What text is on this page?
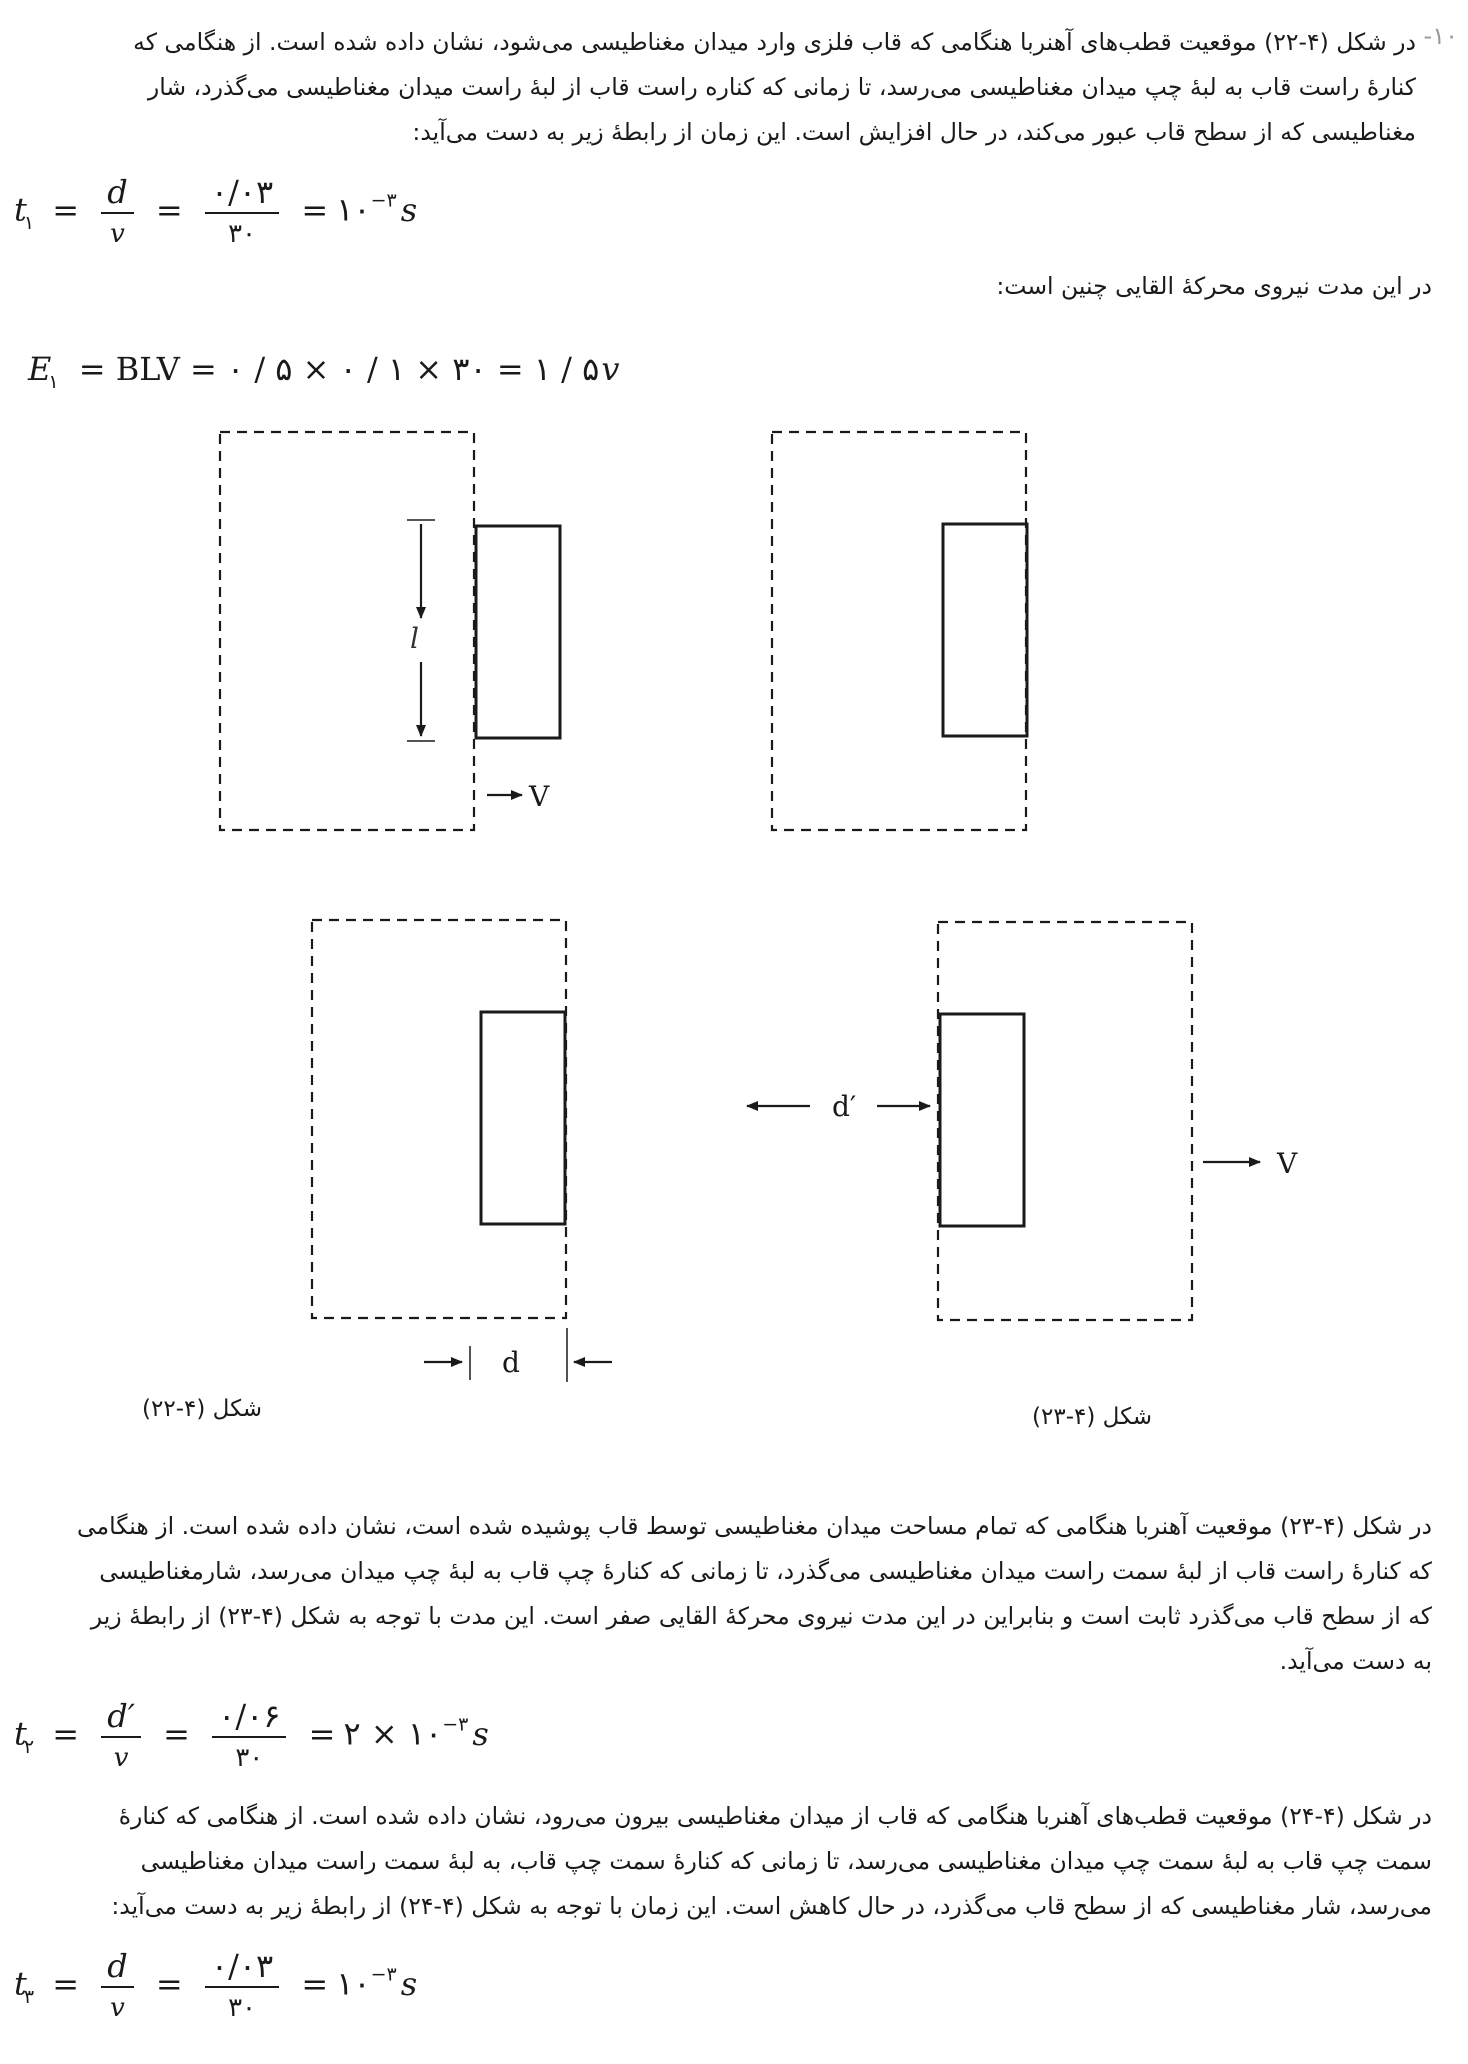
۱۰-
در شکل (۴-۲۲) موقعیت قطب‌های آهنربا هنگامی که قاب فلزی وارد میدان مغناطیسی می‌شود، نشان داده شده است. از هنگامی که
کنارهٔ راست قاب به لبهٔ چپ میدان مغناطیسی می‌رسد، تا زمانی که کناره راست قاب از لبهٔ راست میدان مغناطیسی می‌گذرد، شار
مغناطیسی که از سطح قاب عبور می‌کند، در حال افزایش است. این زمان از رابطهٔ زیر به دست می‌آید:
$t_۱ = \frac{d}{v} = \frac{۰/۰۳}{۳۰}$ = $۱۰^{-۳}$ s
در این مدت نیروی محرکهٔ القایی چنین است:
$E_۱$ = BLV = ۰ / ۵ × ۰ / ۱ × ۳۰ = ۱ / ۵v
l
V
d
d′
V
شکل (۴-۲۲)	شکل (۴-۲۳)
در شکل (۴-۲۳) موقعیت آهنربا هنگامی که تمام مساحت میدان مغناطیسی توسط قاب پوشیده شده است، نشان داده شده است. از هنگامی
که کنارهٔ راست قاب از لبهٔ سمت راست میدان مغناطیسی می‌گذرد، تا زمانی که کنارهٔ چپ قاب به لبهٔ چپ میدان می‌رسد، شارمغناطیسی
که از سطح قاب می‌گذرد ثابت است و بنابراین در این مدت نیروی محرکهٔ القایی صفر است. این مدت با توجه به شکل (۴-۲۳) از رابطهٔ زیر
به دست می‌آید.
$t_۲ = \frac{d'}{v} = \frac{۰/۰۶}{۳۰}$ = ۲ × $۱۰^{-۳}$ s
در شکل (۴-۲۴) موقعیت قطب‌های آهنربا هنگامی که قاب از میدان مغناطیسی بیرون می‌رود، نشان داده شده است. از هنگامی که کنارهٔ
سمت چپ قاب به لبهٔ سمت چپ میدان مغناطیسی می‌رسد، تا زمانی که کنارهٔ سمت چپ قاب، به لبهٔ سمت راست میدان مغناطیسی
می‌رسد، شار مغناطیسی که از سطح قاب می‌گذرد، در حال کاهش است. این زمان با توجه به شکل (۴-۲۴) از رابطهٔ زیر به دست می‌آید:
$t_۳ = \frac{d}{v} = \frac{۰/۰۳}{۳۰}$ = $۱۰^{-۳}$ s
